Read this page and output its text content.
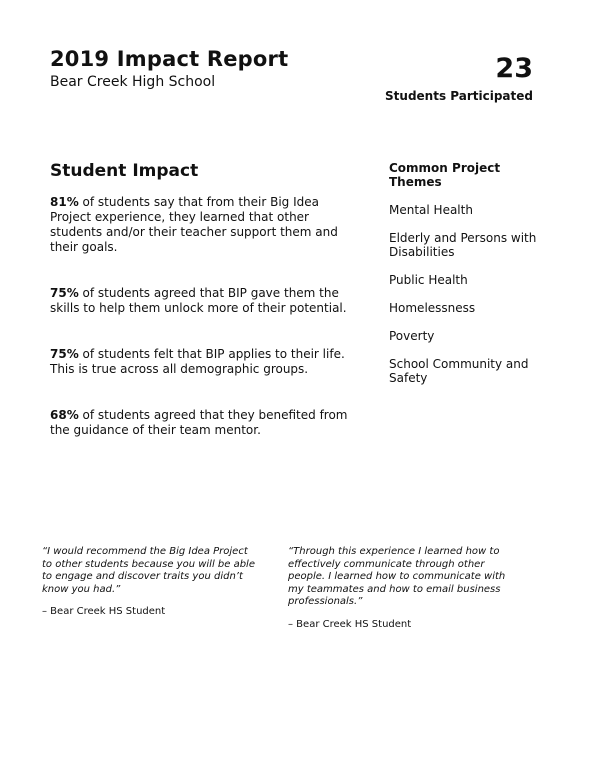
2019 Impact Report
Bear Creek High School	23
Students Participated
Student Impact

81% of students say that from their Big Idea Project experience, they learned that other students and/or their teacher support them and their goals.

75% of students agreed that BIP gave them the skills to help them unlock more of their potential.

75% of students felt that BIP applies to their life. This is true across all demographic groups.

68% of students agreed that they benefited from the guidance of their team mentor.

Common Project Themes
Mental Health
Elderly and Persons with Disabilities
Public Health
Homelessness
Poverty
School Community and Safety
“I would recommend the Big Idea Project to other students because you will be able to engage and discover traits you didn’t know you had.”
– Bear Creek HS Student
“Through this experience I learned how to effectively communicate through other people. I learned how to communicate with my teammates and how to email business professionals.”
– Bear Creek HS Student
